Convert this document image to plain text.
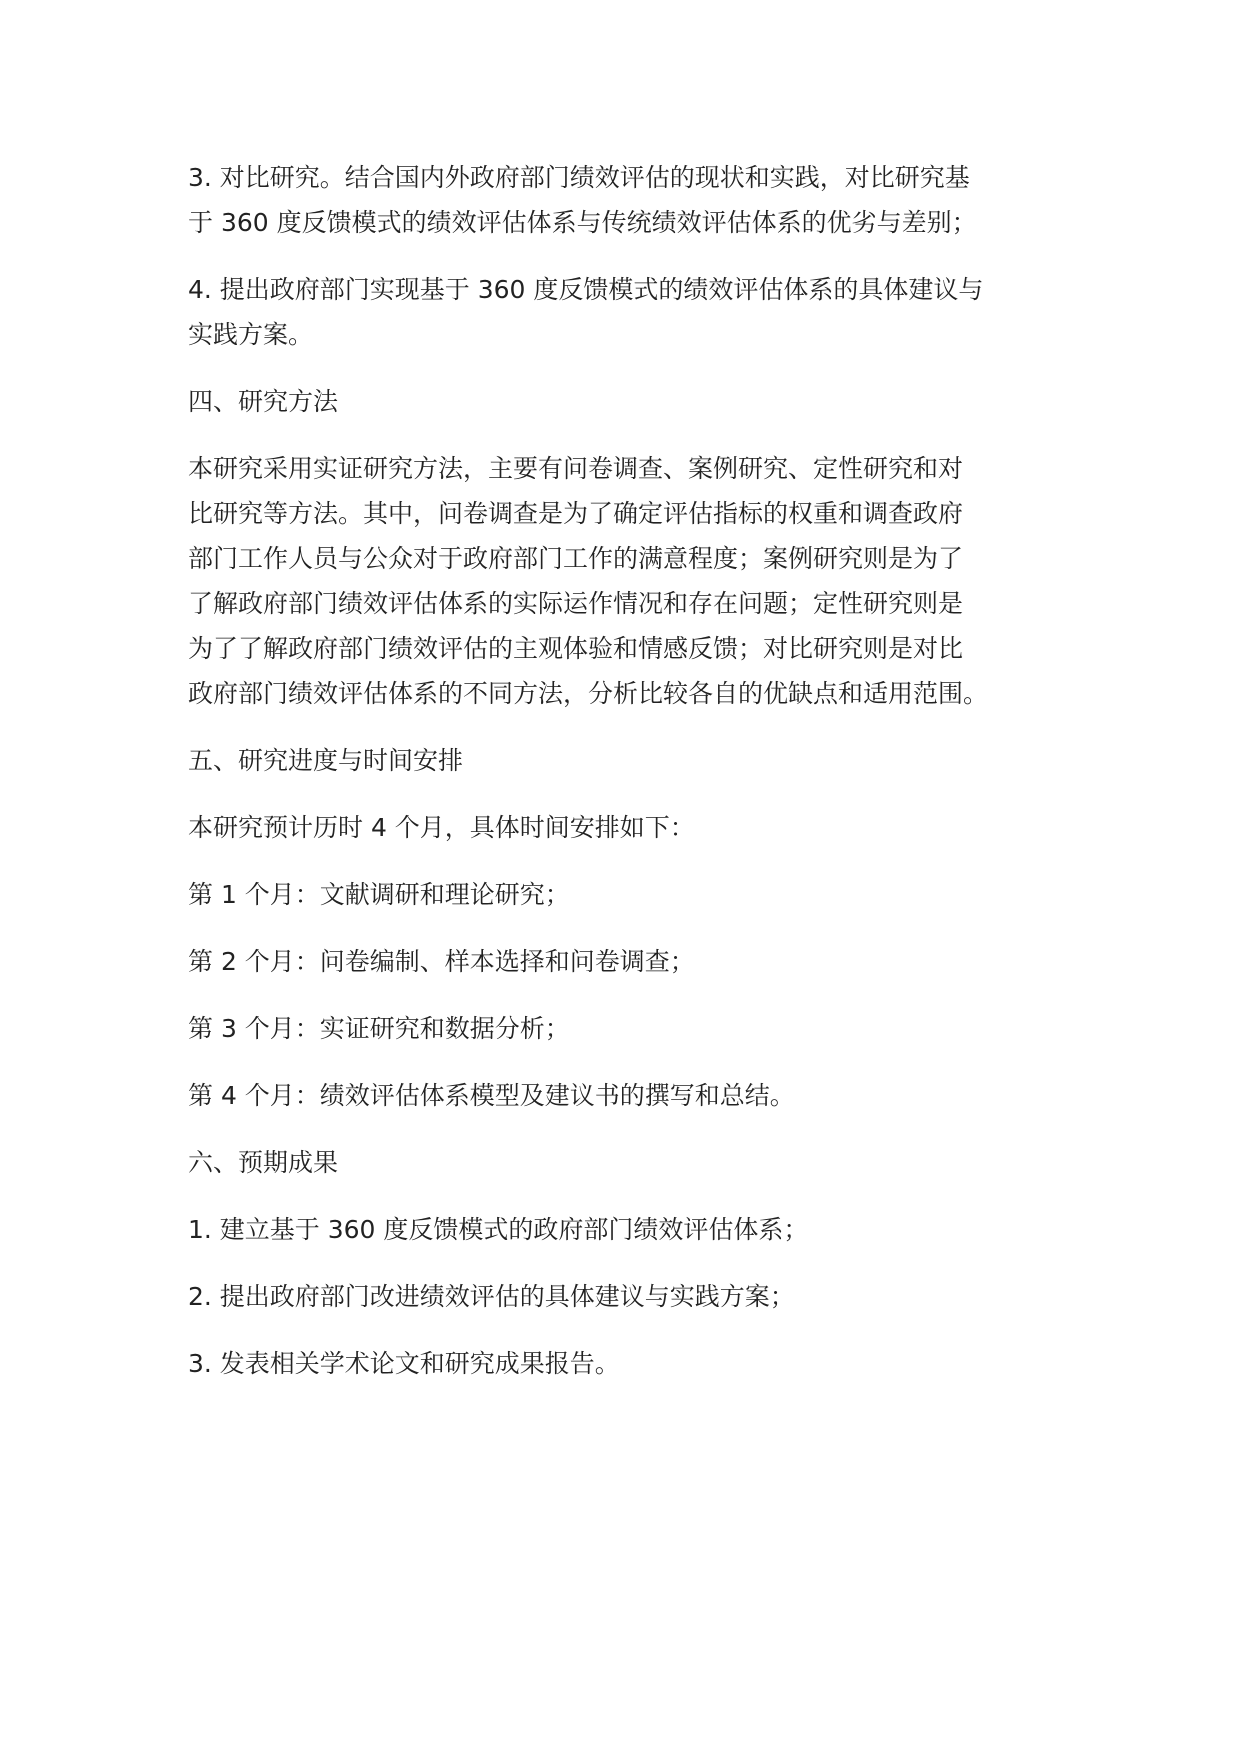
3. 对比研究。结合国内外政府部门绩效评估的现状和实践，对比研究基
于 360 度反馈模式的绩效评估体系与传统绩效评估体系的优劣与差别；

4. 提出政府部门实现基于 360 度反馈模式的绩效评估体系的具体建议与
实践方案。

四、研究方法

本研究采用实证研究方法，主要有问卷调查、案例研究、定性研究和对
比研究等方法。其中，问卷调查是为了确定评估指标的权重和调查政府
部门工作人员与公众对于政府部门工作的满意程度；案例研究则是为了
了解政府部门绩效评估体系的实际运作情况和存在问题；定性研究则是
为了了解政府部门绩效评估的主观体验和情感反馈；对比研究则是对比
政府部门绩效评估体系的不同方法，分析比较各自的优缺点和适用范围。

五、研究进度与时间安排

本研究预计历时 4 个月，具体时间安排如下：

第 1 个月：文献调研和理论研究；

第 2 个月：问卷编制、样本选择和问卷调查；

第 3 个月：实证研究和数据分析；

第 4 个月：绩效评估体系模型及建议书的撰写和总结。

六、预期成果

1. 建立基于 360 度反馈模式的政府部门绩效评估体系；

2. 提出政府部门改进绩效评估的具体建议与实践方案；

3. 发表相关学术论文和研究成果报告。
